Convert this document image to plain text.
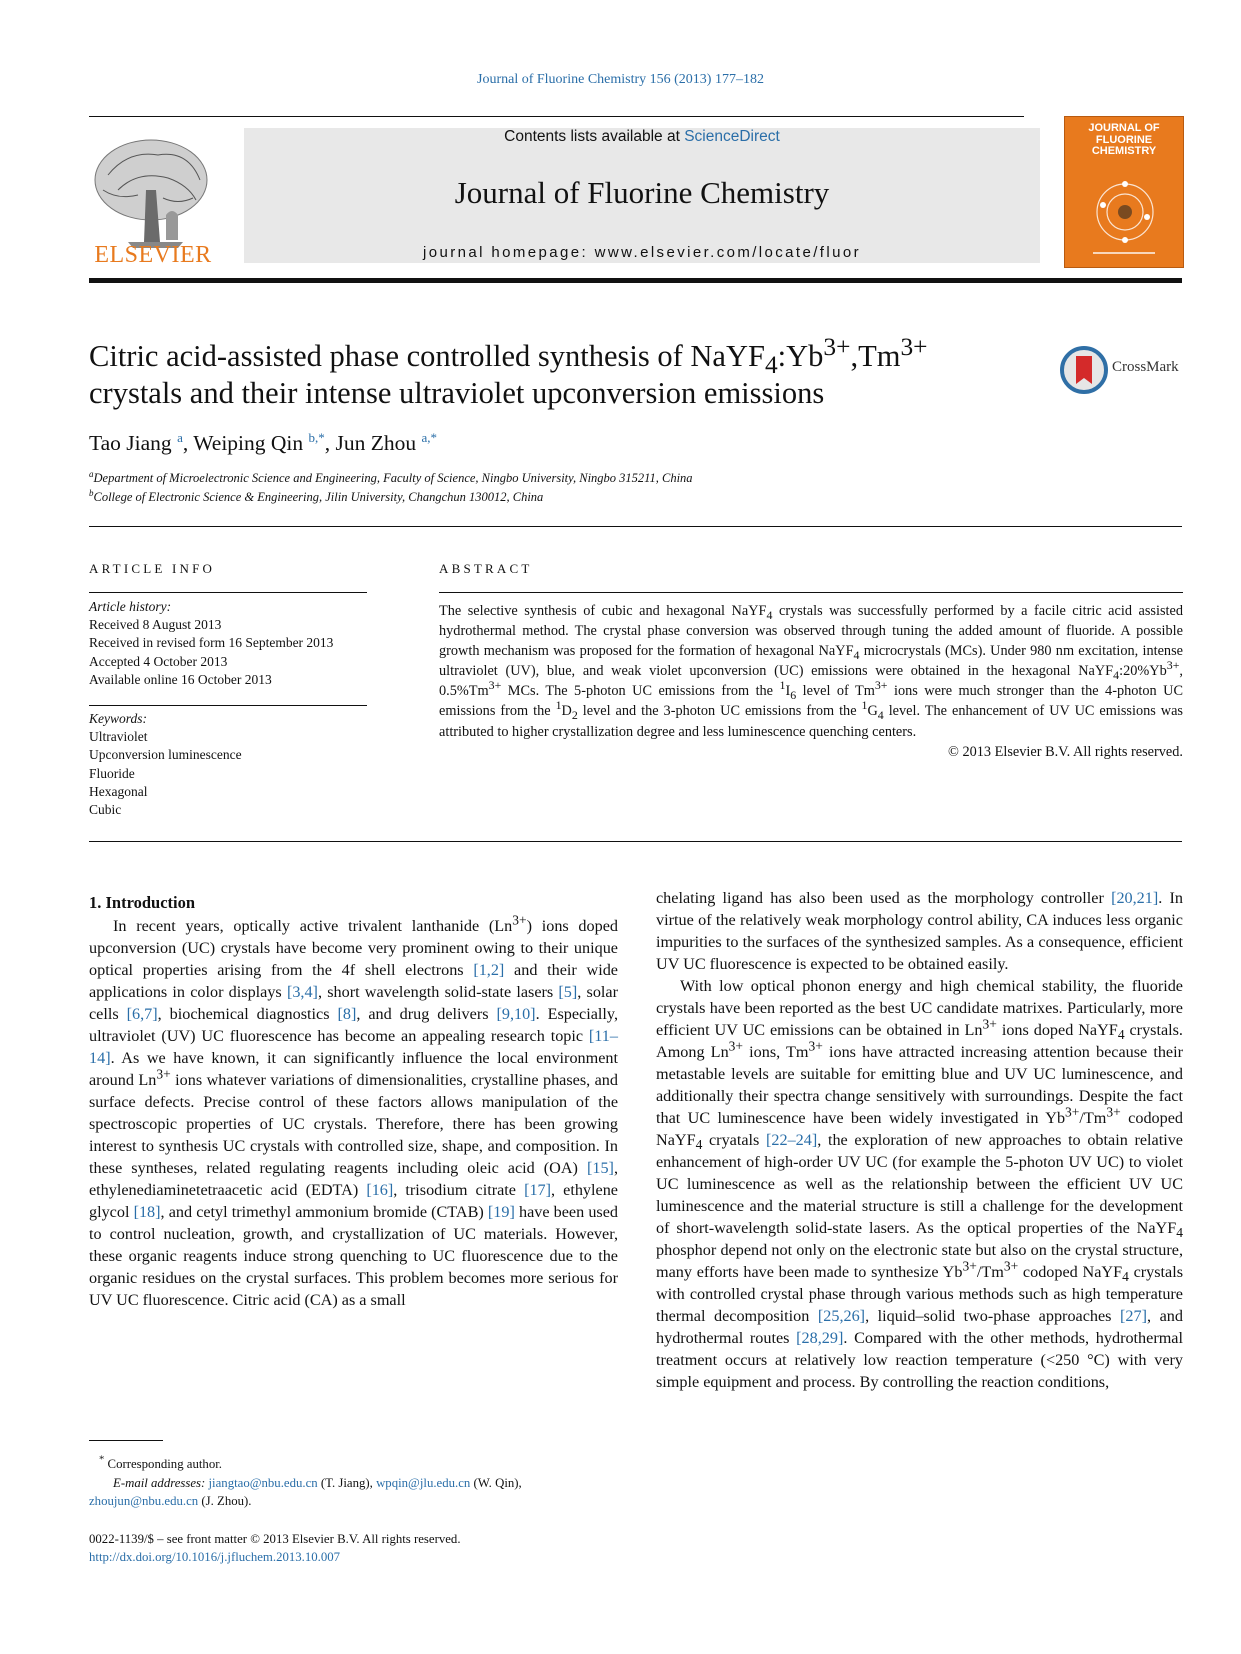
Journal of Fluorine Chemistry 156 (2013) 177–182
Contents lists available at ScienceDirect
Journal of Fluorine Chemistry
journal homepage: www.elsevier.com/locate/fluor
ELSEVIER
JOURNAL OF FLUORINE CHEMISTRY
Citric acid-assisted phase controlled synthesis of $NaYF_4:Yb^{3+},Tm^{3+}$
crystals and their intense ultraviolet upconversion emissions
CrossMark
Tao Jiang $^a$, Weiping Qin $^{b,*}$, Jun Zhou $^{a,*}$
$^a$Department of Microelectronic Science and Engineering, Faculty of Science, Ningbo University, Ningbo 315211, China
$^b$College of Electronic Science & Engineering, Jilin University, Changchun 130012, China
ARTICLE INFO
Article history:
Received 8 August 2013
Received in revised form 16 September 2013
Accepted 4 October 2013
Available online 16 October 2013
Keywords:
Ultraviolet
Upconversion luminescence
Fluoride
Hexagonal
Cubic
ABSTRACT
The selective synthesis of cubic and hexagonal NaYF$_4$ crystals was successfully performed by a facile citric acid assisted hydrothermal method. The crystal phase conversion was observed through tuning the added amount of fluoride. A possible growth mechanism was proposed for the formation of hexagonal NaYF$_4$ microcrystals (MCs). Under 980 nm excitation, intense ultraviolet (UV), blue, and weak violet upconversion (UC) emissions were obtained in the hexagonal $NaYF_4:20\%Yb^{3+}$, $0.5\%Tm^{3+}$ MCs. The 5-photon UC emissions from the $^1I_6$ level of $Tm^{3+}$ ions were much stronger than the 4-photon UC emissions from the $^1D_2$ level and the 3-photon UC emissions from the $^1G_4$ level. The enhancement of UV UC emissions was attributed to higher crystallization degree and less luminescence quenching centers.
© 2013 Elsevier B.V. All rights reserved.
1. Introduction

In recent years, optically active trivalent lanthanide $(Ln^{3+})$ ions doped upconversion (UC) crystals have become very prominent owing to their unique optical properties arising from the 4f shell electrons [1,2] and their wide applications in color displays [3,4], short wavelength solid-state lasers [5], solar cells [6,7], biochemical diagnostics [8], and drug delivers [9,10]. Especially, ultraviolet (UV) UC fluorescence has become an appealing research topic [11–14]. As we have known, it can significantly influence the local environment around $Ln^{3+}$ ions whatever variations of dimensionalities, crystalline phases, and surface defects. Precise control of these factors allows manipulation of the spectroscopic properties of UC crystals. Therefore, there has been growing interest to synthesis UC crystals with controlled size, shape, and composition. In these syntheses, related regulating reagents including oleic acid (OA) [15], ethylenediaminetetraacetic acid (EDTA) [16], trisodium citrate [17], ethylene glycol [18], and cetyl trimethyl ammonium bromide (CTAB) [19] have been used to control nucleation, growth, and crystallization of UC materials. However, these organic reagents induce strong quenching to UC fluorescence due to the organic residues on the crystal surfaces. This problem becomes more serious for UV UC fluorescence. Citric acid (CA) as a small

chelating ligand has also been used as the morphology controller [20,21]. In virtue of the relatively weak morphology control ability, CA induces less organic impurities to the surfaces of the synthesized samples. As a consequence, efficient UV UC fluorescence is expected to be obtained easily.

With low optical phonon energy and high chemical stability, the fluoride crystals have been reported as the best UC candidate matrixes. Particularly, more efficient UV UC emissions can be obtained in $Ln^{3+}$ ions doped NaYF$_4$ crystals. Among $Ln^{3+}$ ions, $Tm^{3+}$ ions have attracted increasing attention because their metastable levels are suitable for emitting blue and UV UC luminescence, and additionally their spectra change sensitively with surroundings. Despite the fact that UC luminescence have been widely investigated in $Yb^{3+}/Tm^{3+}$ codoped NaYF$_4$ cryatals [22–24], the exploration of new approaches to obtain relative enhancement of high-order UV UC (for example the 5-photon UV UC) to violet UC luminescence as well as the relationship between the efficient UV UC luminescence and the material structure is still a challenge for the development of short-wavelength solid-state lasers. As the optical properties of the NaYF$_4$ phosphor depend not only on the electronic state but also on the crystal structure, many efforts have been made to synthesize $Yb^{3+}/Tm^{3+}$ codoped NaYF$_4$ crystals with controlled crystal phase through various methods such as high temperature thermal decomposition [25,26], liquid–solid two-phase approaches [27], and hydrothermal routes [28,29]. Compared with the other methods, hydrothermal treatment occurs at relatively low reaction temperature (<250 °C) with very simple equipment and process. By controlling the reaction conditions,

* Corresponding author.
E-mail addresses: jiangtao@nbu.edu.cn (T. Jiang), wpqin@jlu.edu.cn (W. Qin),
zhoujun@nbu.edu.cn (J. Zhou).
0022-1139/$ – see front matter © 2013 Elsevier B.V. All rights reserved.
http://dx.doi.org/10.1016/j.jfluchem.2013.10.007
